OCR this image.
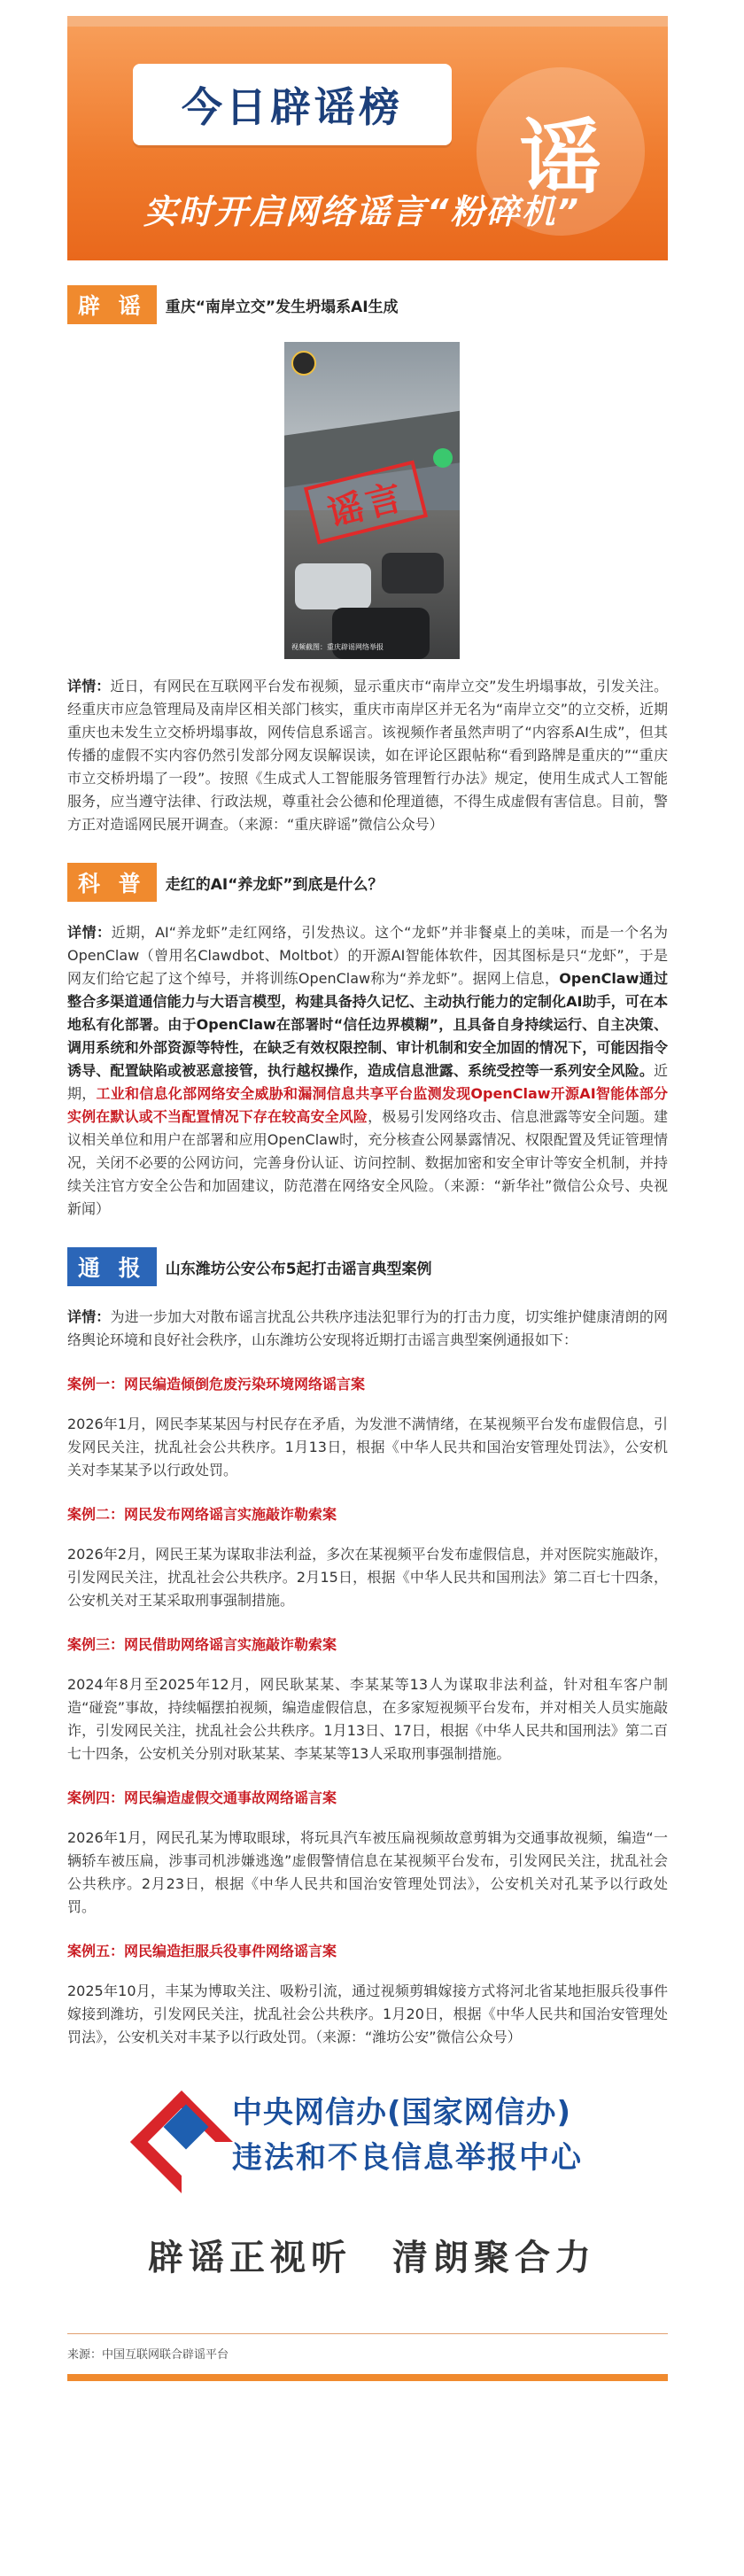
今日辟谣榜
谣
实时开启网络谣言“粉碎机”
辟 谣	重庆“南岸立交”发生坍塌系AI生成
谣言
视频截图：重庆辟谣网络举报
详情：近日，有网民在互联网平台发布视频，显示重庆市“南岸立交”发生坍塌事故，引发关注。经重庆市应急管理局及南岸区相关部门核实，重庆市南岸区并无名为“南岸立交”的立交桥，近期重庆也未发生立交桥坍塌事故，网传信息系谣言。该视频作者虽然声明了“内容系AI生成”，但其传播的虚假不实内容仍然引发部分网友误解误读，如在评论区跟帖称“看到路牌是重庆的”“重庆市立交桥坍塌了一段”。按照《生成式人工智能服务管理暂行办法》规定，使用生成式人工智能服务，应当遵守法律、行政法规，尊重社会公德和伦理道德，不得生成虚假有害信息。目前，警方正对造谣网民展开调查。（来源：“重庆辟谣”微信公众号）
科 普	走红的AI“养龙虾”到底是什么？
详情：近期，AI“养龙虾”走红网络，引发热议。这个“龙虾”并非餐桌上的美味，而是一个名为OpenClaw（曾用名Clawdbot、Moltbot）的开源AI智能体软件，因其图标是只“龙虾”，于是网友们给它起了这个绰号，并将训练OpenClaw称为“养龙虾”。据网上信息，OpenClaw通过整合多渠道通信能力与大语言模型，构建具备持久记忆、主动执行能力的定制化AI助手，可在本地私有化部署。由于OpenClaw在部署时“信任边界模糊”，且具备自身持续运行、自主决策、调用系统和外部资源等特性，在缺乏有效权限控制、审计机制和安全加固的情况下，可能因指令诱导、配置缺陷或被恶意接管，执行越权操作，造成信息泄露、系统受控等一系列安全风险。近期，工业和信息化部网络安全威胁和漏洞信息共享平台监测发现OpenClaw开源AI智能体部分实例在默认或不当配置情况下存在较高安全风险，极易引发网络攻击、信息泄露等安全问题。建议相关单位和用户在部署和应用OpenClaw时，充分核查公网暴露情况、权限配置及凭证管理情况，关闭不必要的公网访问，完善身份认证、访问控制、数据加密和安全审计等安全机制，并持续关注官方安全公告和加固建议，防范潜在网络安全风险。（来源：“新华社”微信公众号、央视新闻）
通 报	山东潍坊公安公布5起打击谣言典型案例
详情：为进一步加大对散布谣言扰乱公共秩序违法犯罪行为的打击力度，切实维护健康清朗的网络舆论环境和良好社会秩序，山东潍坊公安现将近期打击谣言典型案例通报如下：
案例一：网民编造倾倒危废污染环境网络谣言案
2026年1月，网民李某某因与村民存在矛盾，为发泄不满情绪，在某视频平台发布虚假信息，引发网民关注，扰乱社会公共秩序。1月13日，根据《中华人民共和国治安管理处罚法》，公安机关对李某某予以行政处罚。
案例二：网民发布网络谣言实施敲诈勒索案
2026年2月，网民王某为谋取非法利益，多次在某视频平台发布虚假信息，并对医院实施敲诈，引发网民关注，扰乱社会公共秩序。2月15日，根据《中华人民共和国刑法》第二百七十四条，公安机关对王某采取刑事强制措施。
案例三：网民借助网络谣言实施敲诈勒索案
2024年8月至2025年12月，网民耿某某、李某某等13人为谋取非法利益，针对租车客户制造“碰瓷”事故，持续幅摆拍视频，编造虚假信息，在多家短视频平台发布，并对相关人员实施敲诈，引发网民关注，扰乱社会公共秩序。1月13日、17日，根据《中华人民共和国刑法》第二百七十四条，公安机关分别对耿某某、李某某等13人采取刑事强制措施。
案例四：网民编造虚假交通事故网络谣言案
2026年1月，网民孔某为博取眼球，将玩具汽车被压扁视频故意剪辑为交通事故视频，编造“一辆轿车被压扁，涉事司机涉嫌逃逸”虚假警情信息在某视频平台发布，引发网民关注，扰乱社会公共秩序。2月23日，根据《中华人民共和国治安管理处罚法》，公安机关对孔某予以行政处罚。
案例五：网民编造拒服兵役事件网络谣言案
2025年10月，丰某为博取关注、吸粉引流，通过视频剪辑嫁接方式将河北省某地拒服兵役事件嫁接到潍坊，引发网民关注，扰乱社会公共秩序。1月20日，根据《中华人民共和国治安管理处罚法》，公安机关对丰某予以行政处罚。（来源：“潍坊公安”微信公众号）
中央网信办(国家网信办)
违法和不良信息举报中心
辟谣正视听　清朗聚合力
来源：中国互联网联合辟谣平台
